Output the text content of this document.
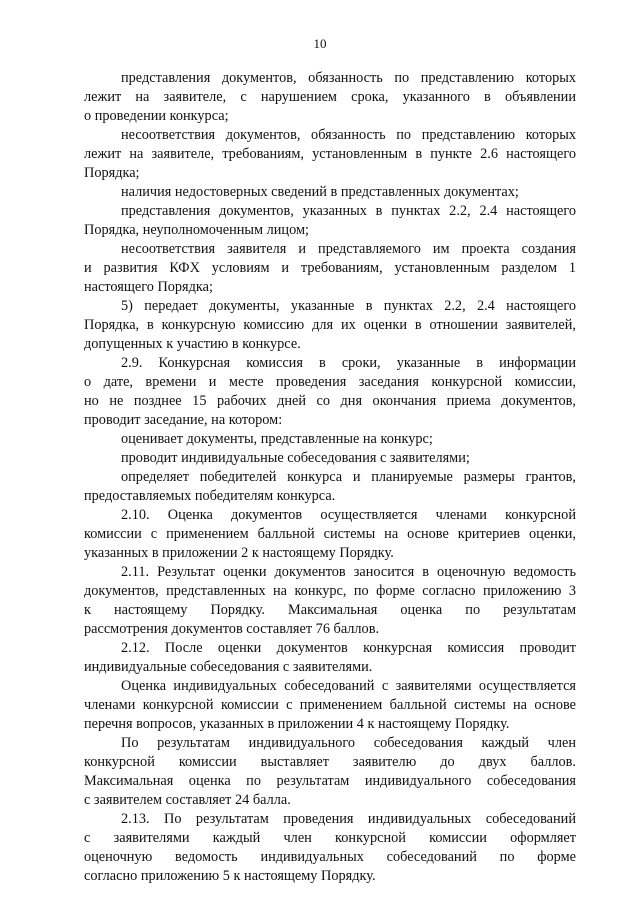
10
представления документов, обязанность по представлению которых
лежит на заявителе, с нарушением срока, указанного в объявлении
о проведении конкурса;
несоответствия документов, обязанность по представлению которых
лежит на заявителе, требованиям, установленным в пункте 2.6 настоящего
Порядка;
наличия недостоверных сведений в представленных документах;
представления документов, указанных в пунктах 2.2, 2.4 настоящего
Порядка, неуполномоченным лицом;
несоответствия заявителя и представляемого им проекта создания
и развития КФХ условиям и требованиям, установленным разделом 1
настоящего Порядка;
5) передает документы, указанные в пунктах 2.2, 2.4 настоящего
Порядка, в конкурсную комиссию для их оценки в отношении заявителей,
допущенных к участию в конкурсе.
2.9. Конкурсная комиссия в сроки, указанные в информации
о дате, времени и месте проведения заседания конкурсной комиссии,
но не позднее 15 рабочих дней со дня окончания приема документов,
проводит заседание, на котором:
оценивает документы, представленные на конкурс;
проводит индивидуальные собеседования с заявителями;
определяет победителей конкурса и планируемые размеры грантов,
предоставляемых победителям конкурса.
2.10. Оценка документов осуществляется членами конкурсной
комиссии с применением балльной системы на основе критериев оценки,
указанных в приложении 2 к настоящему Порядку.
2.11. Результат оценки документов заносится в оценочную ведомость
документов, представленных на конкурс, по форме согласно приложению 3
к настоящему Порядку. Максимальная оценка по результатам
рассмотрения документов составляет 76 баллов.
2.12. После оценки документов конкурсная комиссия проводит
индивидуальные собеседования с заявителями.
Оценка индивидуальных собеседований с заявителями осуществляется
членами конкурсной комиссии с применением балльной системы на основе
перечня вопросов, указанных в приложении 4 к настоящему Порядку.
По результатам индивидуального собеседования каждый член
конкурсной комиссии выставляет заявителю до двух баллов.
Максимальная оценка по результатам индивидуального собеседования
с заявителем составляет 24 балла.
2.13. По результатам проведения индивидуальных собеседований
с заявителями каждый член конкурсной комиссии оформляет
оценочную ведомость индивидуальных собеседований по форме
согласно приложению 5 к настоящему Порядку.
